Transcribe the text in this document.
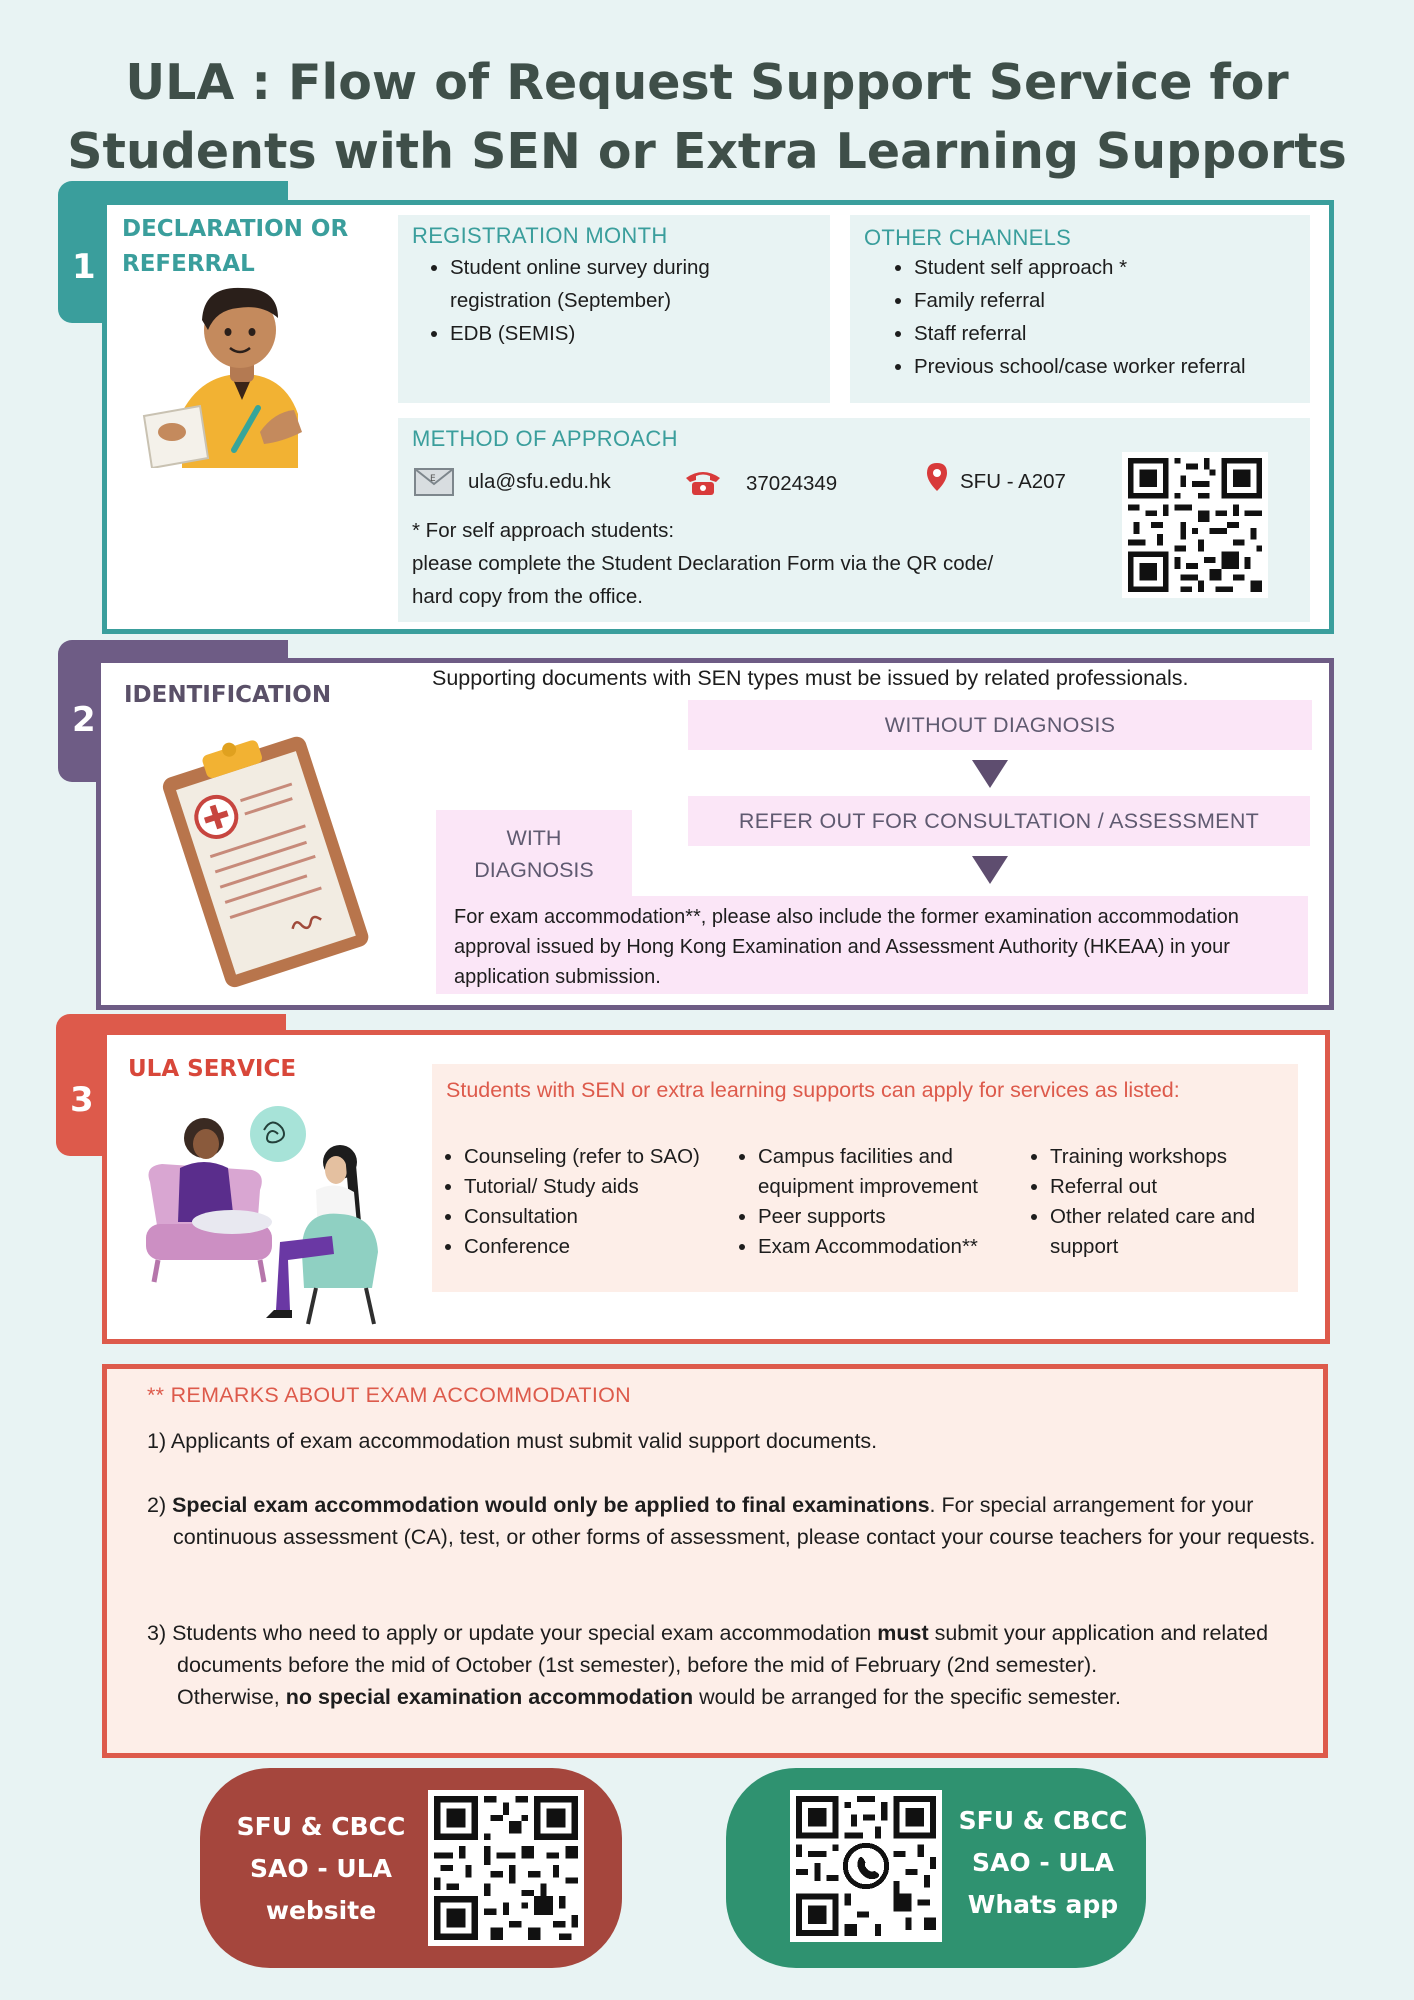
ULA : Flow of Request Support Service for
Students with SEN or Extra Learning Supports
1
DECLARATION OR
REFERRAL
REGISTRATION MONTH
• Student online survey during registration (September)
• EDB (SEMIS)
OTHER CHANNELS
• Student self approach *
• Family referral
• Staff referral
• Previous school/case worker referral
METHOD OF APPROACH
E ula@sfu.edu.hk	37024349	SFU - A207
* For self approach students:
please complete the Student Declaration Form via the QR code/
hard copy from the office.
2
IDENTIFICATION
Supporting documents with SEN types must be issued by related professionals.
WITHOUT DIAGNOSIS
REFER OUT FOR CONSULTATION / ASSESSMENT
WITH
DIAGNOSIS
For exam accommodation**, please also include the former examination accommodation approval issued by Hong Kong Examination and Assessment Authority (HKEAA) in your application submission.
3
ULA SERVICE
Students with SEN or extra learning supports can apply for services as listed:
• Counseling (refer to SAO)
• Tutorial/ Study aids
• Consultation
• Conference
• Campus facilities and equipment improvement
• Peer supports
• Exam Accommodation**
• Training workshops
• Referral out
• Other related care and support
** REMARKS ABOUT EXAM ACCOMMODATION

1) Applicants of exam accommodation must submit valid support documents.

2) Special exam accommodation would only be applied to final examinations. For special arrangement for your continuous assessment (CA), test, or other forms of assessment, please contact your course teachers for your requests.

3) Students who need to apply or update your special exam accommodation must submit your application and related documents before the mid of October (1st semester), before the mid of February (2nd semester).
Otherwise, no special examination accommodation would be arranged for the specific semester.

SFU & CBCC
SAO - ULA
website
SFU & CBCC
SAO - ULA
Whats app
